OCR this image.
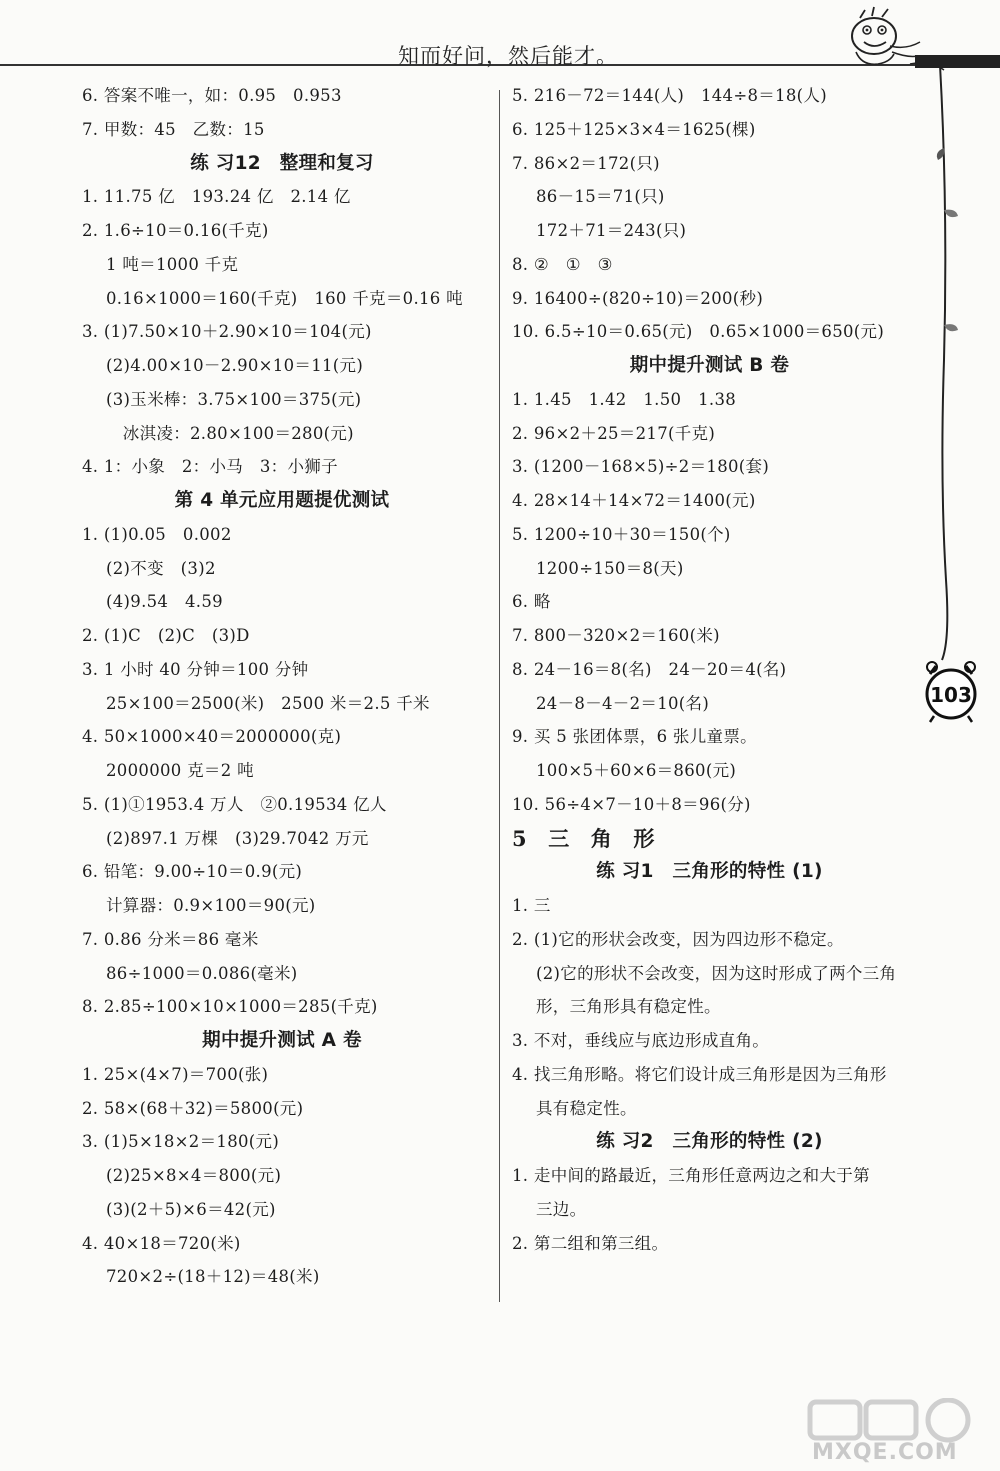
知而好问，然后能才。
103
6. 答案不唯一，如：0.95　0.953
7. 甲数：45　乙数：15
练 习12　整理和复习
1. 11.75 亿　193.24 亿　2.14 亿
2. 1.6÷10＝0.16(千克)
1 吨＝1000 千克
0.16×1000＝160(千克)　160 千克＝0.16 吨
3. (1)7.50×10＋2.90×10＝104(元)
(2)4.00×10－2.90×10＝11(元)
(3)玉米棒：3.75×100＝375(元)
　冰淇凌：2.80×100＝280(元)
4. 1：小象　2：小马　3：小狮子
第 4 单元应用题提优测试
1. (1)0.05　0.002
(2)不变　(3)2
(4)9.54　4.59
2. (1)C　(2)C　(3)D
3. 1 小时 40 分钟＝100 分钟
25×100＝2500(米)　2500 米＝2.5 千米
4. 50×1000×40＝2000000(克)
2000000 克＝2 吨
5. (1)①1953.4 万人　②0.19534 亿人
(2)897.1 万棵　(3)29.7042 万元
6. 铅笔：9.00÷10＝0.9(元)
计算器：0.9×100＝90(元)
7. 0.86 分米＝86 毫米
86÷1000＝0.086(毫米)
8. 2.85÷100×10×1000＝285(千克)
期中提升测试 A 卷
1. 25×(4×7)＝700(张)
2. 58×(68＋32)＝5800(元)
3. (1)5×18×2＝180(元)
(2)25×8×4＝800(元)
(3)(2＋5)×6＝42(元)
4. 40×18＝720(米)
720×2÷(18＋12)＝48(米)
5. 216－72＝144(人)　144÷8＝18(人)
6. 125＋125×3×4＝1625(棵)
7. 86×2＝172(只)
86－15＝71(只)
172＋71＝243(只)
8. ②　①　③
9. 16400÷(820÷10)＝200(秒)
10. 6.5÷10＝0.65(元)　0.65×1000＝650(元)
期中提升测试 B 卷
1. 1.45　1.42　1.50　1.38
2. 96×2＋25＝217(千克)
3. (1200－168×5)÷2＝180(套)
4. 28×14＋14×72＝1400(元)
5. 1200÷10＋30＝150(个)
1200÷150＝8(天)
6. 略
7. 800－320×2＝160(米)
8. 24－16＝8(名)　24－20＝4(名)
24－8－4－2＝10(名)
9. 买 5 张团体票，6 张儿童票。
100×5＋60×6＝860(元)
10. 56÷4×7－10＋8＝96(分)
5　三　角　形
练 习1　三角形的特性 (1)
1. 三
2. (1)它的形状会改变，因为四边形不稳定。
(2)它的形状不会改变，因为这时形成了两个三角
形，三角形具有稳定性。
3. 不对，垂线应与底边形成直角。
4. 找三角形略。将它们设计成三角形是因为三角形
具有稳定性。
练 习2　三角形的特性 (2)
1. 走中间的路最近，三角形任意两边之和大于第
三边。
2. 第二组和第三组。
MXQE.COM
